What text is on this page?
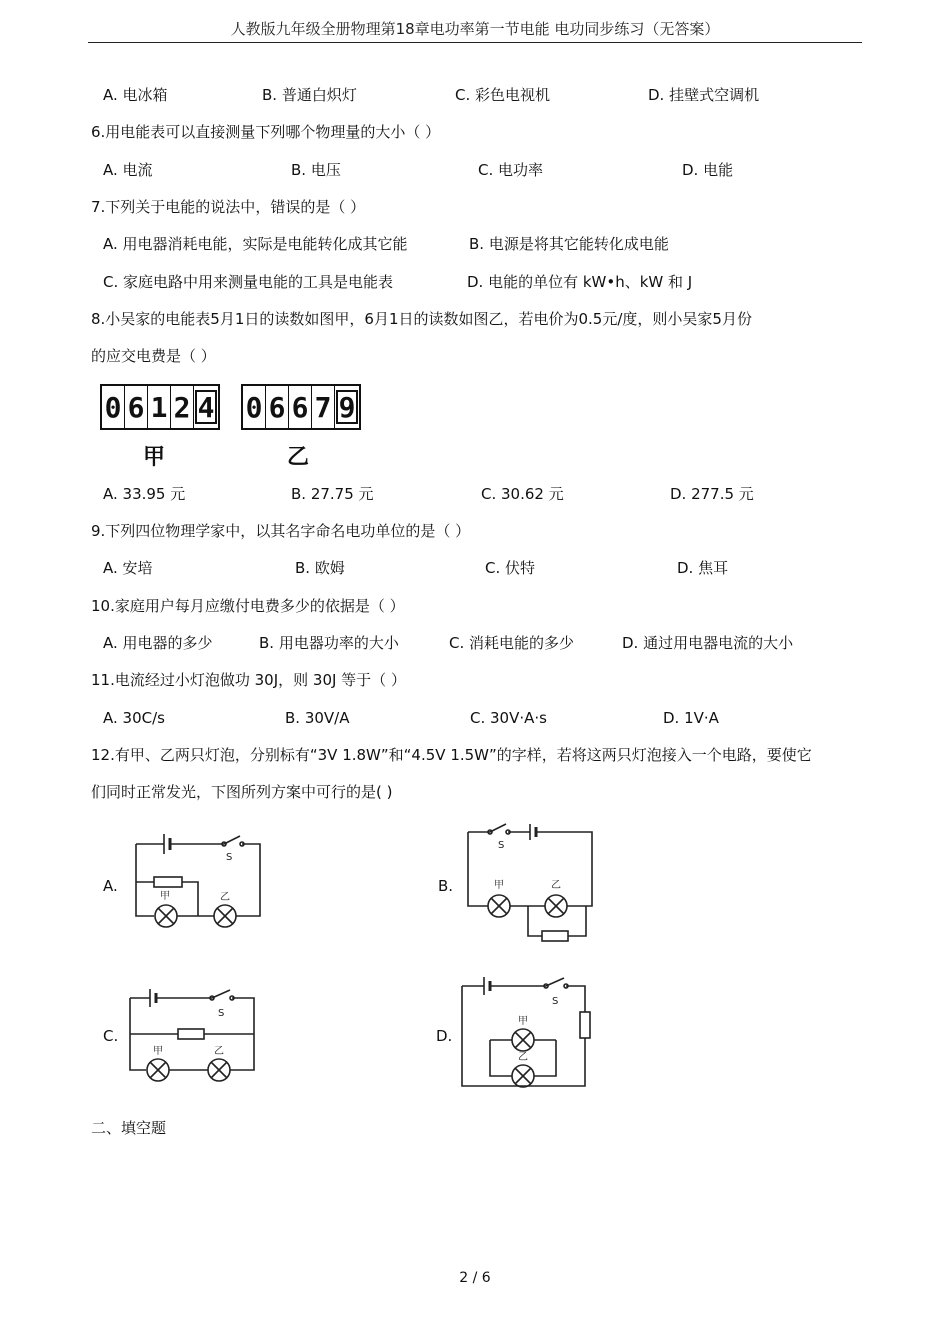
人教版九年级全册物理第18章电功率第一节电能 电功同步练习（无答案）
A. 电冰箱	B. 普通白炽灯	C. 彩色电视机	D. 挂壁式空调机
6.用电能表可以直接测量下列哪个物理量的大小（ ）
A. 电流	B. 电压	C. 电功率	D. 电能
7.下列关于电能的说法中，错误的是（ ）
A. 用电器消耗电能，实际是电能转化成其它能	B. 电源是将其它能转化成电能
C. 家庭电路中用来测量电能的工具是电能表	D. 电能的单位有 kW•h、kW 和 J
8.小吴家的电能表5月1日的读数如图甲，6月1日的读数如图乙，若电价为0.5元/度，则小吴家5月份
的应交电费是（ ）
0 6 1 2 4 0 6 6 7 9
甲	乙
A. 33.95 元	B. 27.75 元	C. 30.62 元	D. 277.5 元
9.下列四位物理学家中，以其名字命名电功单位的是（ ）
A. 安培	B. 欧姆	C. 伏特	D. 焦耳
10.家庭用户每月应缴付电费多少的依据是（ ）
A. 用电器的多少	B. 用电器功率的大小	C. 消耗电能的多少	D. 通过用电器电流的大小
11.电流经过小灯泡做功 30J，则 30J 等于（ ）
A. 30C/s	B. 30V/A	C. 30V·A·s	D. 1V·A
12.有甲、乙两只灯泡，分别标有“3V 1.8W”和“4.5V 1.5W”的字样，若将这两只灯泡接入一个电路，要使它
们同时正常发光，下图所列方案中可行的是( )
A.	B.
C.	D.
S
甲	乙
S
甲	乙
S
甲	乙
S
甲
乙
二、填空题
2 / 6
